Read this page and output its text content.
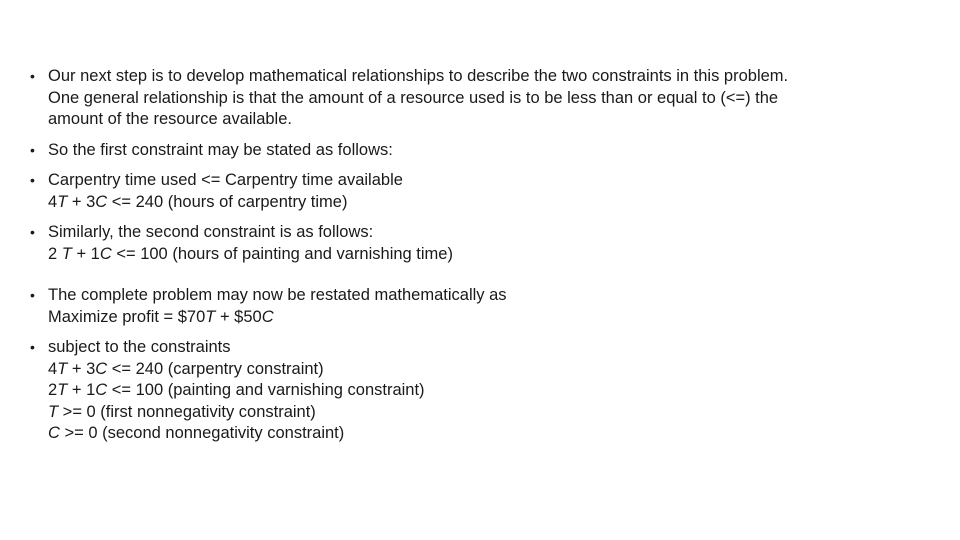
• Our next step is to develop mathematical relationships to describe the two constraints in this problem.
One general relationship is that the amount of a resource used is to be less than or equal to (<=) the
amount of the resource available.
• So the first constraint may be stated as follows:
• Carpentry time used <= Carpentry time available
4T + 3C <= 240 (hours of carpentry time)
• Similarly, the second constraint is as follows:
2 T + 1C <= 100 (hours of painting and varnishing time)
• The complete problem may now be restated mathematically as
Maximize profit = $70T + $50C
• subject to the constraints
4T + 3C <= 240 (carpentry constraint)
2T + 1C <= 100 (painting and varnishing constraint)
T >= 0 (first nonnegativity constraint)
C >= 0 (second nonnegativity constraint)
